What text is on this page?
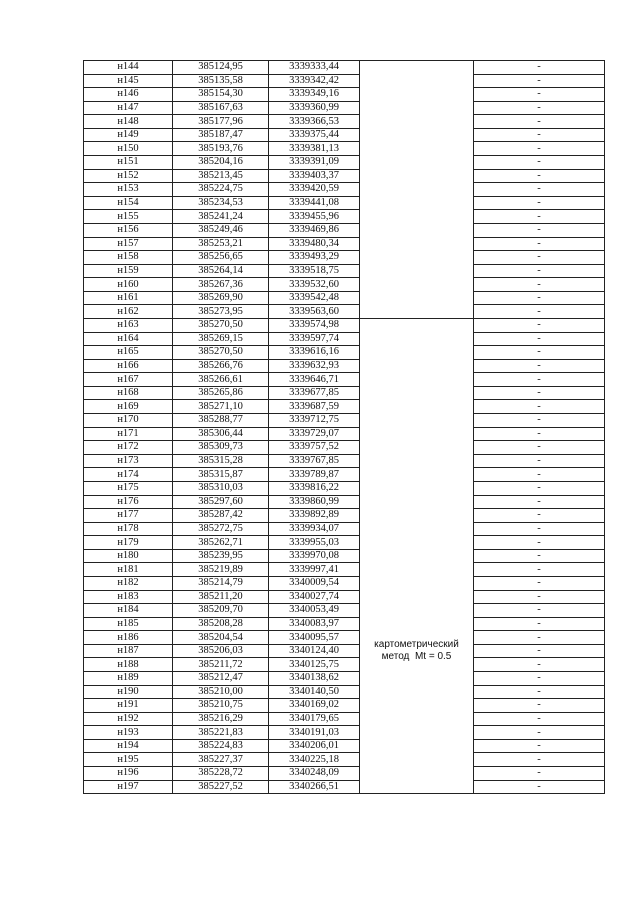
н144	385124,95	3339333,44		-
н145	385135,58	3339342,42		-
н146	385154,30	3339349,16		-
н147	385167,63	3339360,99		-
н148	385177,96	3339366,53		-
н149	385187,47	3339375,44		-
н150	385193,76	3339381,13		-
н151	385204,16	3339391,09		-
н152	385213,45	3339403,37		-
н153	385224,75	3339420,59		-
н154	385234,53	3339441,08		-
н155	385241,24	3339455,96		-
н156	385249,46	3339469,86		-
н157	385253,21	3339480,34		-
н158	385256,65	3339493,29		-
н159	385264,14	3339518,75		-
н160	385267,36	3339532,60		-
н161	385269,90	3339542,48		-
н162	385273,95	3339563,60		-
н163	385270,50	3339574,98	картометрический
метод  Mt = 0.5	-
н164	385269,15	3339597,74		-
н165	385270,50	3339616,16		-
н166	385266,76	3339632,93		-
н167	385266,61	3339646,71		-
н168	385265,86	3339677,85		-
н169	385271,10	3339687,59		-
н170	385288,77	3339712,75		-
н171	385306,44	3339729,07		-
н172	385309,73	3339757,52		-
н173	385315,28	3339767,85		-
н174	385315,87	3339789,87		-
н175	385310,03	3339816,22		-
н176	385297,60	3339860,99		-
н177	385287,42	3339892,89		-
н178	385272,75	3339934,07		-
н179	385262,71	3339955,03		-
н180	385239,95	3339970,08		-
н181	385219,89	3339997,41		-
н182	385214,79	3340009,54		-
н183	385211,20	3340027,74		-
н184	385209,70	3340053,49		-
н185	385208,28	3340083,97		-
н186	385204,54	3340095,57		-
н187	385206,03	3340124,40		-
н188	385211,72	3340125,75		-
н189	385212,47	3340138,62		-
н190	385210,00	3340140,50		-
н191	385210,75	3340169,02		-
н192	385216,29	3340179,65		-
н193	385221,83	3340191,03		-
н194	385224,83	3340206,01		-
н195	385227,37	3340225,18		-
н196	385228,72	3340248,09		-
н197	385227,52	3340266,51		-
